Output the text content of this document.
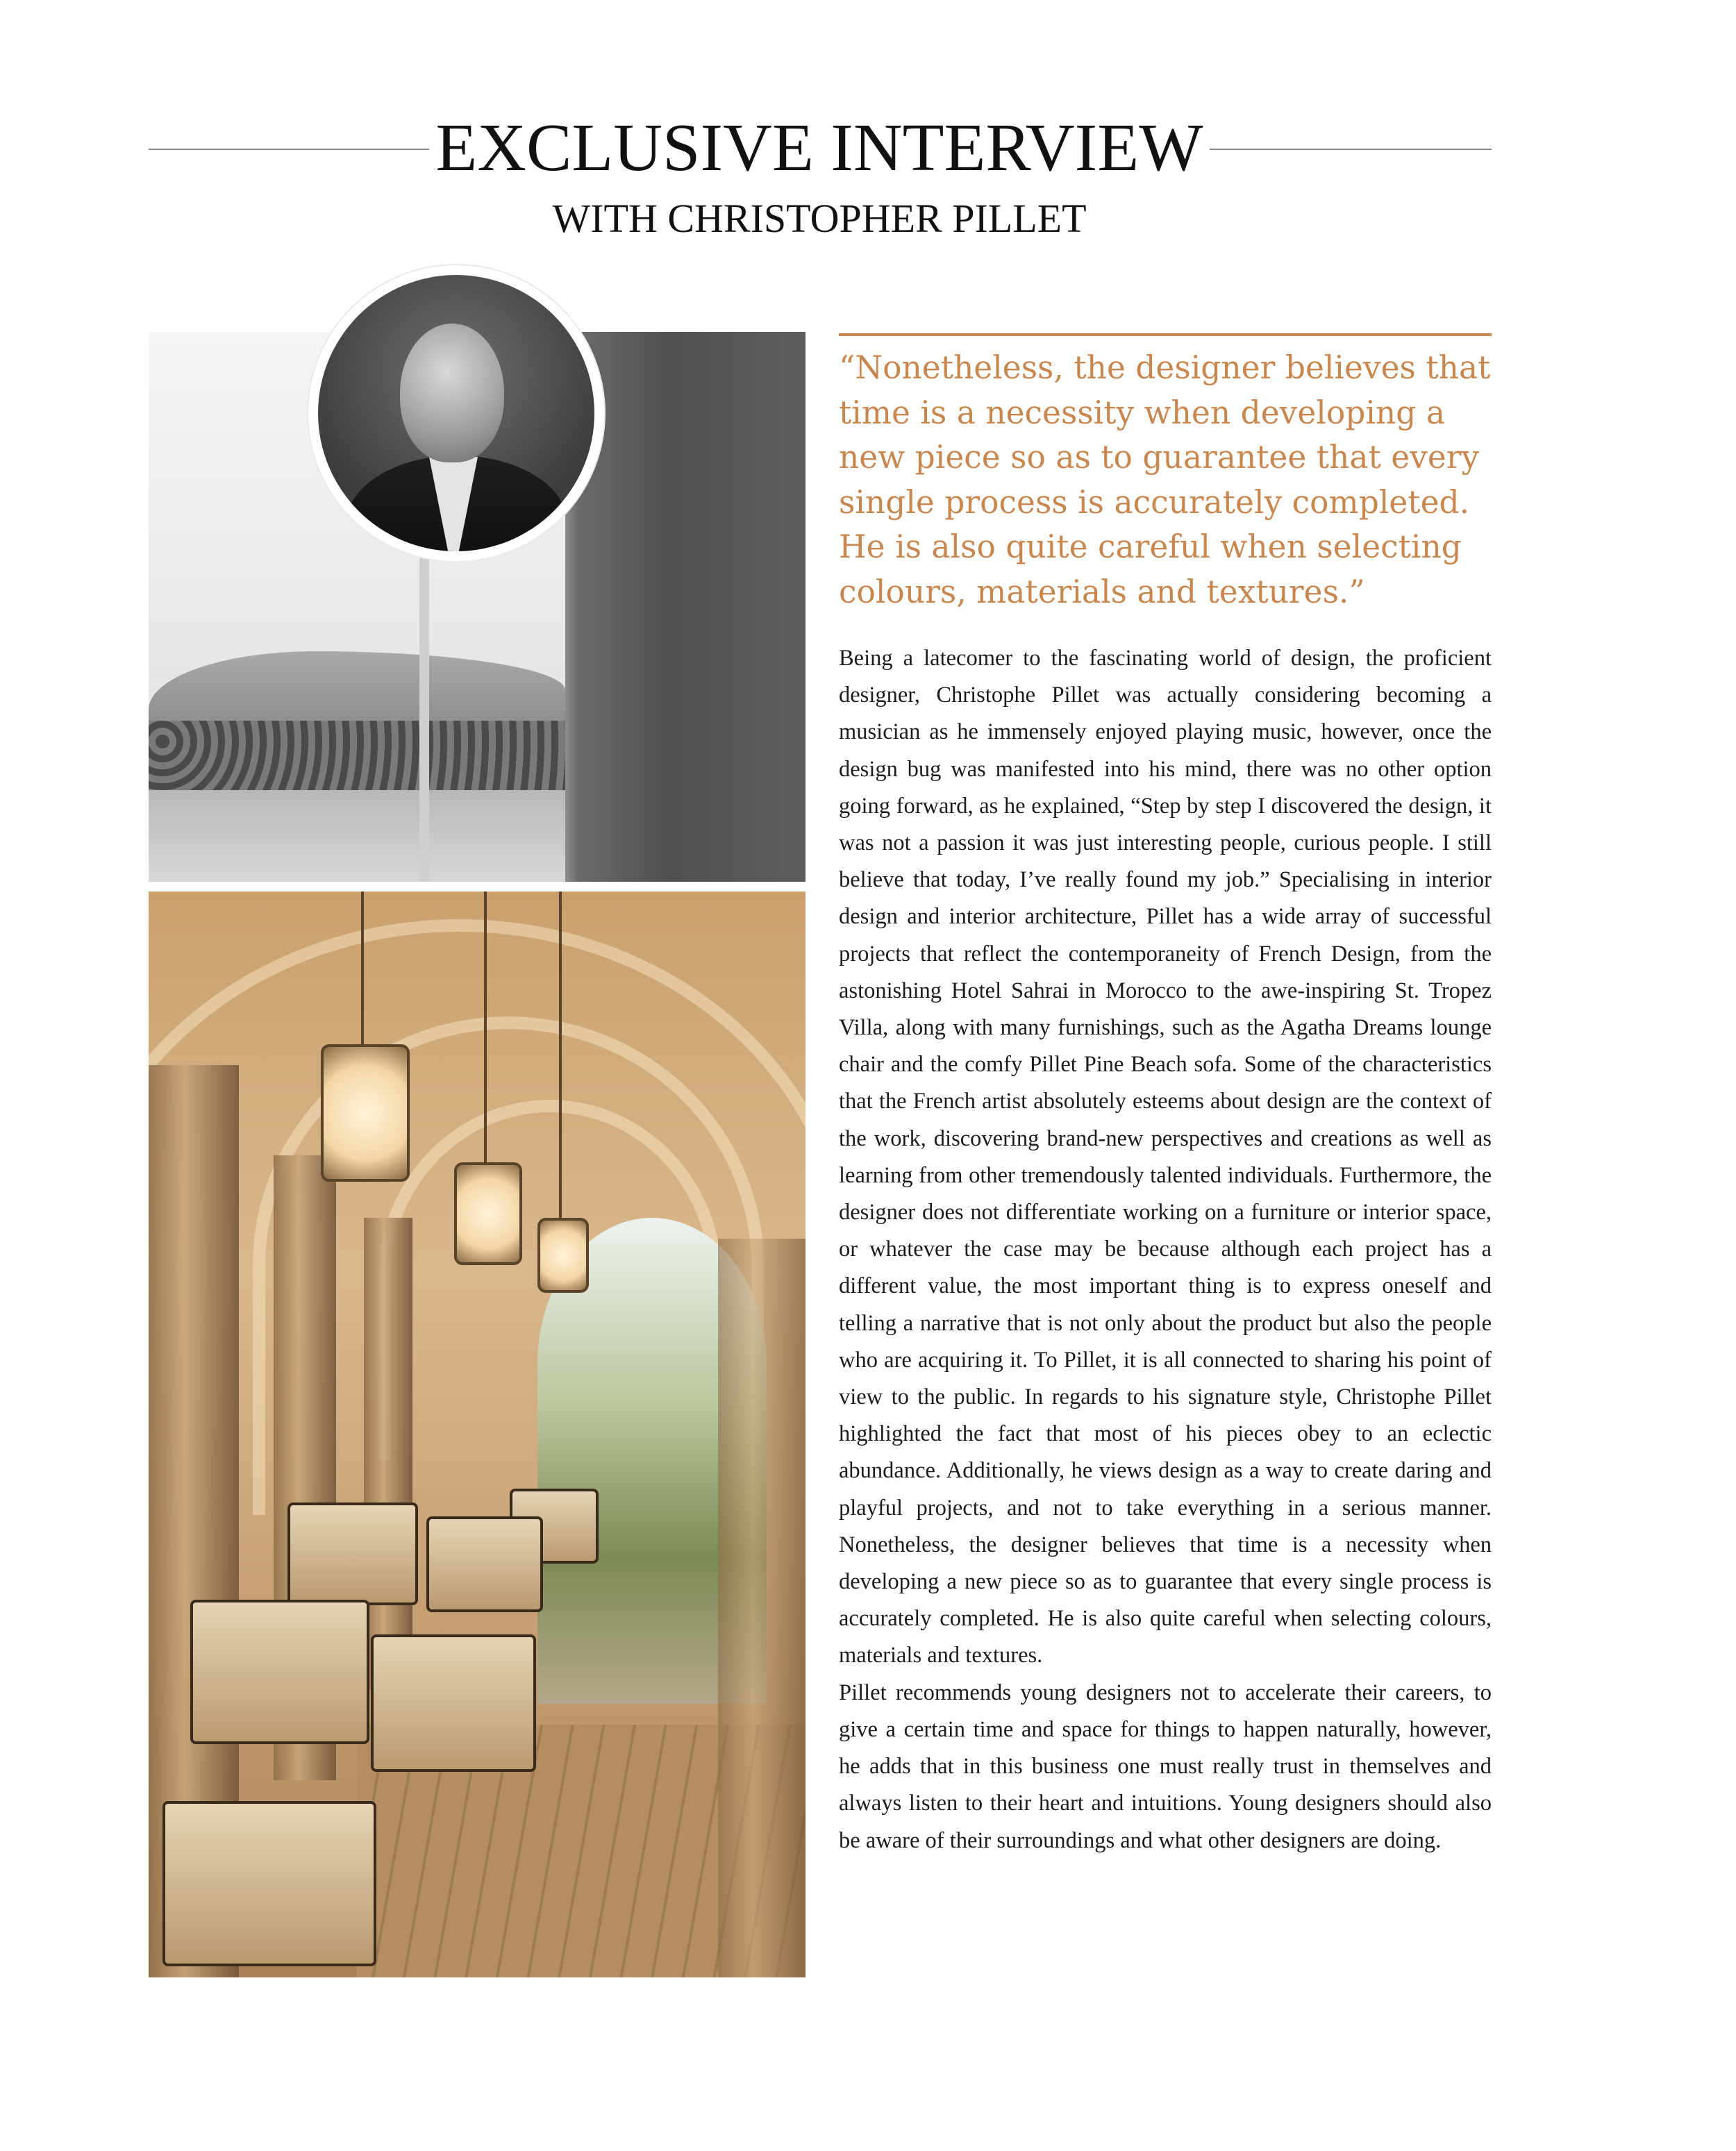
EXCLUSIVE INTERVIEW
WITH CHRISTOPHER PILLET

“Nonetheless, the designer believes that time is a necessity when developing a new piece so as to guarantee that every single process is accurately completed. He is also quite careful when selecting colours, materials and textures.”

Being a latecomer to the fascinating world of design, the proficient designer, Christophe Pillet was actually considering becoming a musician as he immensely enjoyed playing music, however, once the design bug was manifested into his mind, there was no other option going forward, as he explained, “Step by step I discovered the design, it was not a passion it was just interesting people, curious people. I still believe that today, I’ve really found my job.” Specialising in interior design and interior architecture, Pillet has a wide array of successful projects that reflect the contemporaneity of French Design, from the astonishing Hotel Sahrai in Morocco to the awe-inspiring St. Tropez Villa, along with many furnishings, such as the Agatha Dreams lounge chair and the comfy Pillet Pine Beach sofa. Some of the characteristics that the French artist absolutely esteems about design are the context of the work, discovering brand-new perspectives and creations as well as learning from other tremendously talented individuals. Furthermore, the designer does not differentiate working on a furniture or interior space, or whatever the case may be because although each project has a different value, the most important thing is to express oneself and telling a narrative that is not only about the product but also the people who are acquiring it. To Pillet, it is all connected to sharing his point of view to the public. In regards to his signature style, Christophe Pillet highlighted the fact that most of his pieces obey to an eclectic abundance. Additionally, he views design as a way to create daring and playful projects, and not to take everything in a serious manner. Nonetheless, the designer believes that time is a necessity when developing a new piece so as to guarantee that every single process is accurately completed. He is also quite careful when selecting colours, materials and textures.

Pillet recommends young designers not to accelerate their careers, to give a certain time and space for things to happen naturally, however, he adds that in this business one must really trust in themselves and always listen to their heart and intuitions. Young designers should also be aware of their surroundings and what other designers are doing.
